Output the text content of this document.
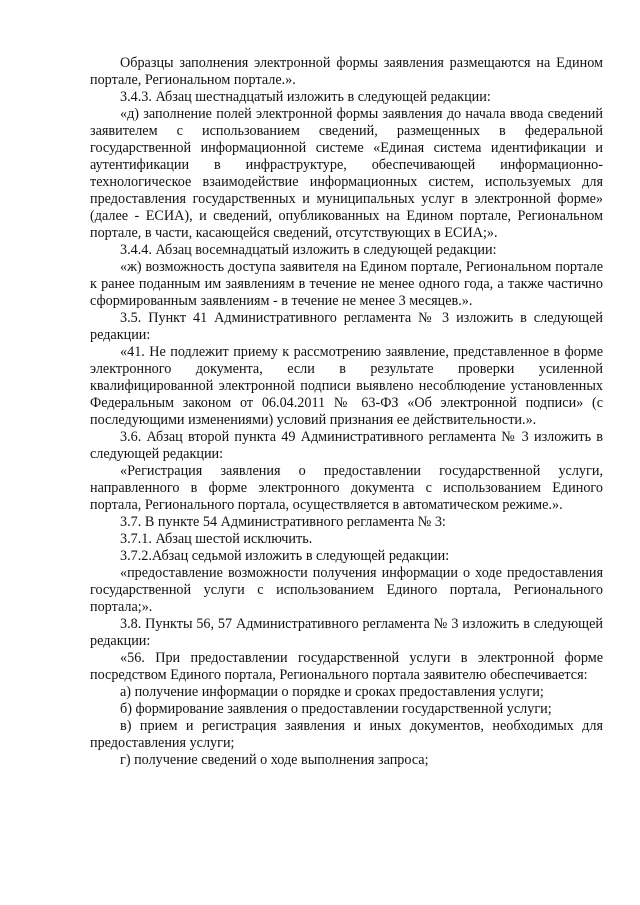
Образцы заполнения электронной формы заявления размещаются на Едином портале, Региональном портале.».

3.4.3. Абзац шестнадцатый изложить в следующей редакции:

«д) заполнение полей электронной формы заявления до начала ввода сведений заявителем с использованием сведений, размещенных в федеральной государственной информационной системе «Единая система идентификации и аутентификации в инфраструктуре, обеспечивающей информационно-технологическое взаимодействие информационных систем, используемых для предоставления государственных и муниципальных услуг в электронной форме» (далее - ЕСИА), и сведений, опубликованных на Едином портале, Региональном портале, в части, касающейся сведений, отсутствующих в ЕСИА;».

3.4.4. Абзац восемнадцатый изложить в следующей редакции:

«ж) возможность доступа заявителя на Едином портале, Региональном портале к ранее поданным им заявлениям в течение не менее одного года, а также частично сформированным заявлениям - в течение не менее 3 месяцев.».

3.5. Пункт 41 Административного регламента № 3 изложить в следующей редакции:

«41. Не подлежит приему к рассмотрению заявление, представленное в форме электронного документа, если в результате проверки усиленной квалифицированной электронной подписи выявлено несоблюдение установленных Федеральным законом от 06.04.2011 № 63-ФЗ «Об электронной подписи» (с последующими изменениями) условий признания ее действительности.».

3.6. Абзац второй пункта 49 Административного регламента № 3 изложить в следующей редакции:

«Регистрация заявления о предоставлении государственной услуги, направленного в форме электронного документа с использованием Единого портала, Регионального портала, осуществляется в автоматическом режиме.».

3.7. В пункте 54 Административного регламента № 3:

3.7.1. Абзац шестой исключить.

3.7.2.Абзац седьмой изложить в следующей редакции:

«предоставление возможности получения информации о ходе предоставления государственной услуги с использованием Единого портала, Регионального портала;».

3.8. Пункты 56, 57 Административного регламента № 3 изложить в следующей редакции:

«56. При предоставлении государственной услуги в электронной форме посредством Единого портала, Регионального портала заявителю обеспечивается:

а) получение информации о порядке и сроках предоставления услуги;

б) формирование заявления о предоставлении государственной услуги;

в) прием и регистрация заявления и иных документов, необходимых для предоставления услуги;

г) получение сведений о ходе выполнения запроса;
